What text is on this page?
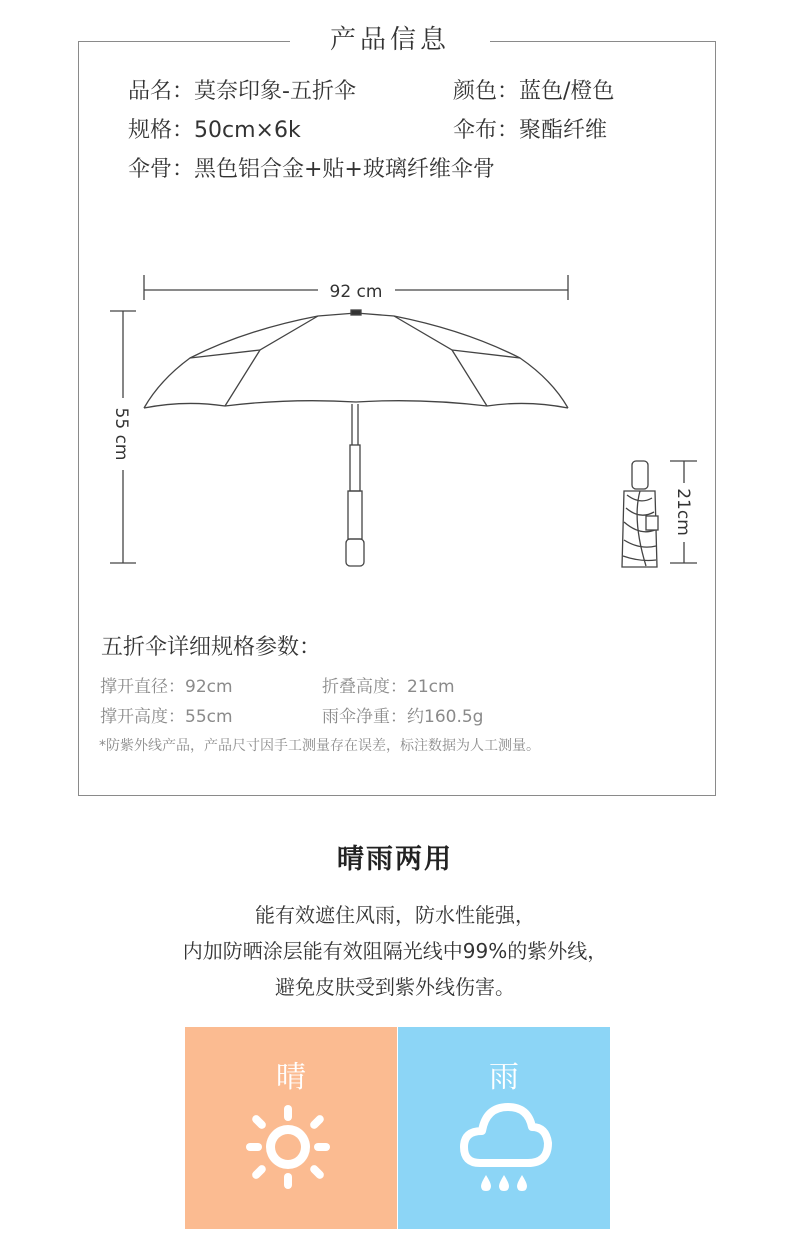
产品信息
品名：莫奈印象-五折伞	颜色：蓝色/橙色
规格：50cm×6k	伞布：聚酯纤维
伞骨：黑色铝合金+贴+玻璃纤维伞骨
92 cm
55 cm
21cm
五折伞详细规格参数：
撑开直径：92cm	折叠高度：21cm
撑开高度：55cm	雨伞净重：约160.5g
*防紫外线产品，产品尺寸因手工测量存在误差，标注数据为人工测量。
晴雨两用
能有效遮住风雨，防水性能强，
内加防晒涂层能有效阻隔光线中99%的紫外线，
避免皮肤受到紫外线伤害。
晴	雨
